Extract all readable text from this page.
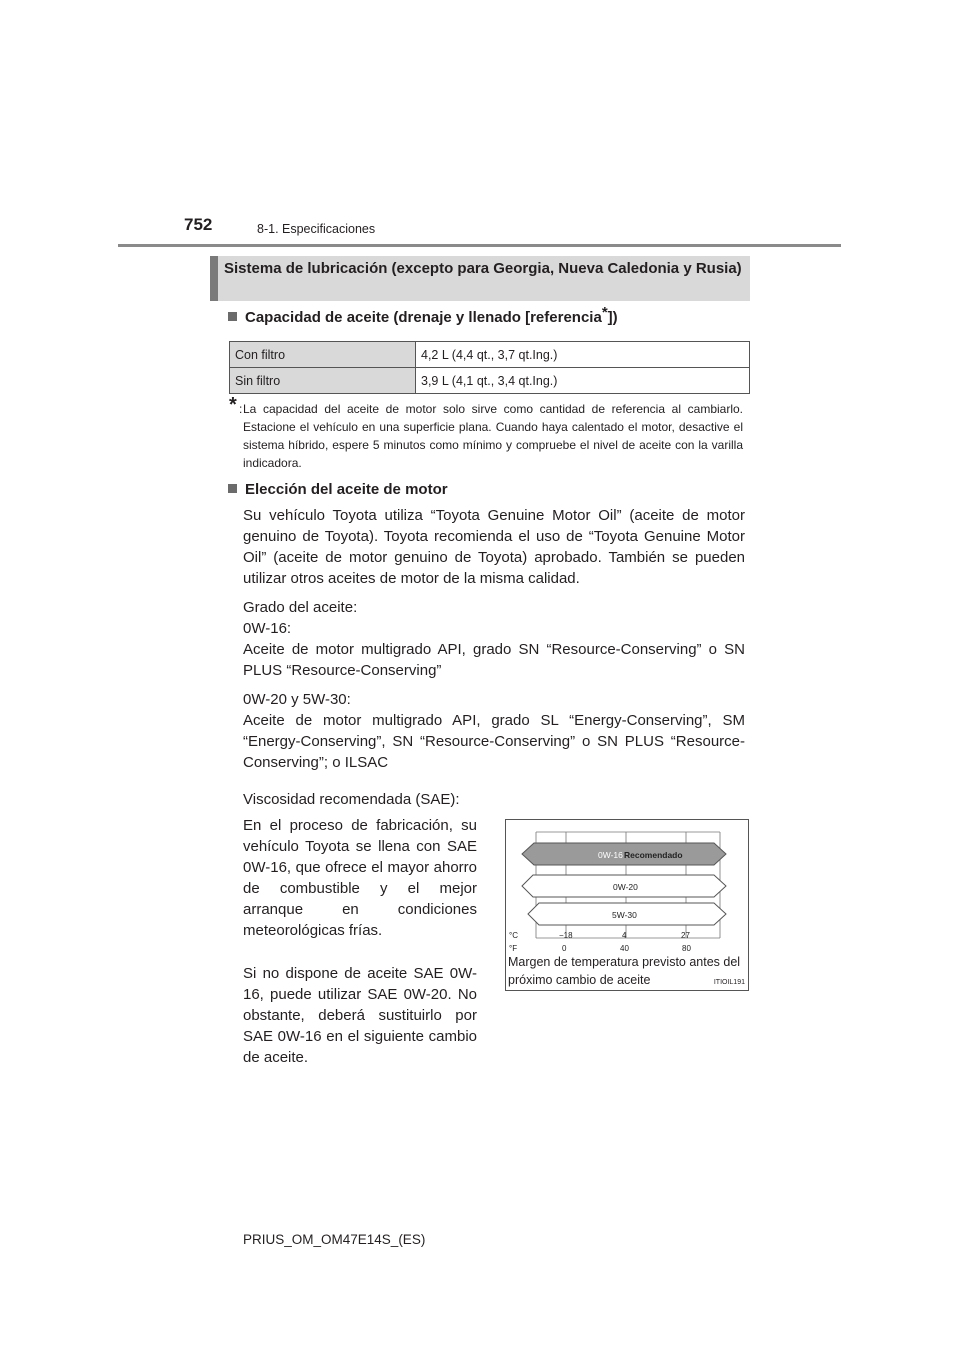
752	8-1. Especificaciones
Sistema de lubricación (excepto para Georgia, Nueva Caledonia y Rusia)
Capacidad de aceite (drenaje y llenado [referencia*])
Con filtro	4,2 L (4,4 qt., 3,7 qt.Ing.)
Sin filtro	3,9 L (4,1 qt., 3,4 qt.Ing.)
* : La capacidad del aceite de motor solo sirve como cantidad de referencia al cambiarlo. Estacione el vehículo en una superficie plana. Cuando haya calentado el motor, desactive el sistema híbrido, espere 5 minutos como mínimo y compruebe el nivel de aceite con la varilla indicadora.
Elección del aceite de motor
Su vehículo Toyota utiliza “Toyota Genuine Motor Oil” (aceite de motor genuino de Toyota). Toyota recomienda el uso de “Toyota Genuine Motor Oil” (aceite de motor genuino de Toyota) aprobado. También se pueden utilizar otros aceites de motor de la misma calidad.
Grado del aceite:
0W-16:
Aceite de motor multigrado API, grado SN “Resource-Conserving” o SN PLUS “Resource-Conserving”
0W-20 y 5W-30:
Aceite de motor multigrado API, grado SL “Energy-Conserving”, SM “Energy-Conserving”, SN “Resource-Conserving” o SN PLUS “Resource-Conserving”; o ILSAC
Viscosidad recomendada (SAE):
En el proceso de fabricación, su vehículo Toyota se llena con SAE 0W-16, que ofrece el mayor ahorro de combustible y el mejor arranque en condiciones meteorológicas frías.
Si no dispone de aceite SAE 0W-16, puede utilizar SAE 0W-20. No obstante, deberá sustituirlo por SAE 0W-16 en el siguiente cambio de aceite.
0W-16 Recomendado
0W-20
5W-30
°C
°F
−18	4	27
0	40	80
Margen de temperatura previsto antes del próximo cambio de aceite	ITIOIL191
PRIUS_OM_OM47E14S_(ES)
